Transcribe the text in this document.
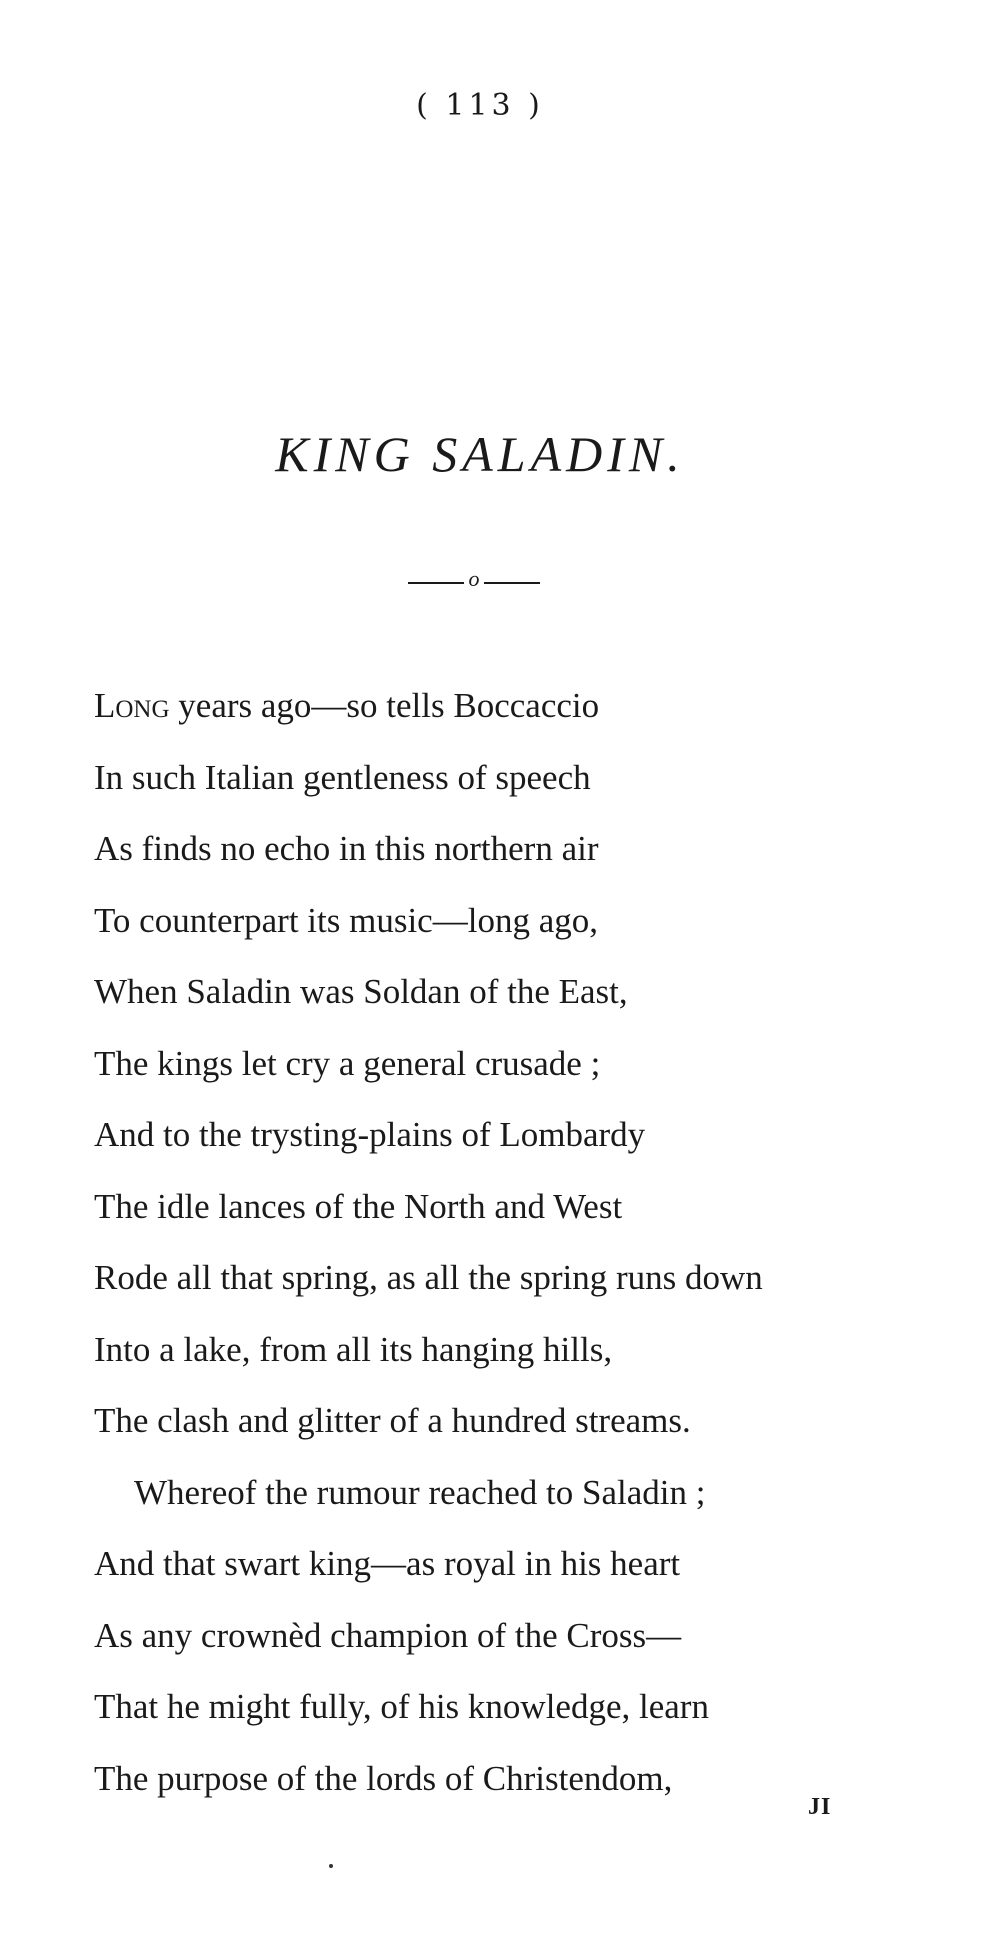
( 113 )
KING SALADIN.
o
Long years ago—so tells Boccaccio
In such Italian gentleness of speech
As finds no echo in this northern air
To counterpart its music—long ago,
When Saladin was Soldan of the East,
The kings let cry a general crusade ;
And to the trysting-plains of Lombardy
The idle lances of the North and West
Rode all that spring, as all the spring runs down
Into a lake, from all its hanging hills,
The clash and glitter of a hundred streams.
Whereof the rumour reached to Saladin ;
And that swart king—as royal in his heart
As any crownèd champion of the Cross—
That he might fully, of his knowledge, learn
The purpose of the lords of Christendom,
JI
